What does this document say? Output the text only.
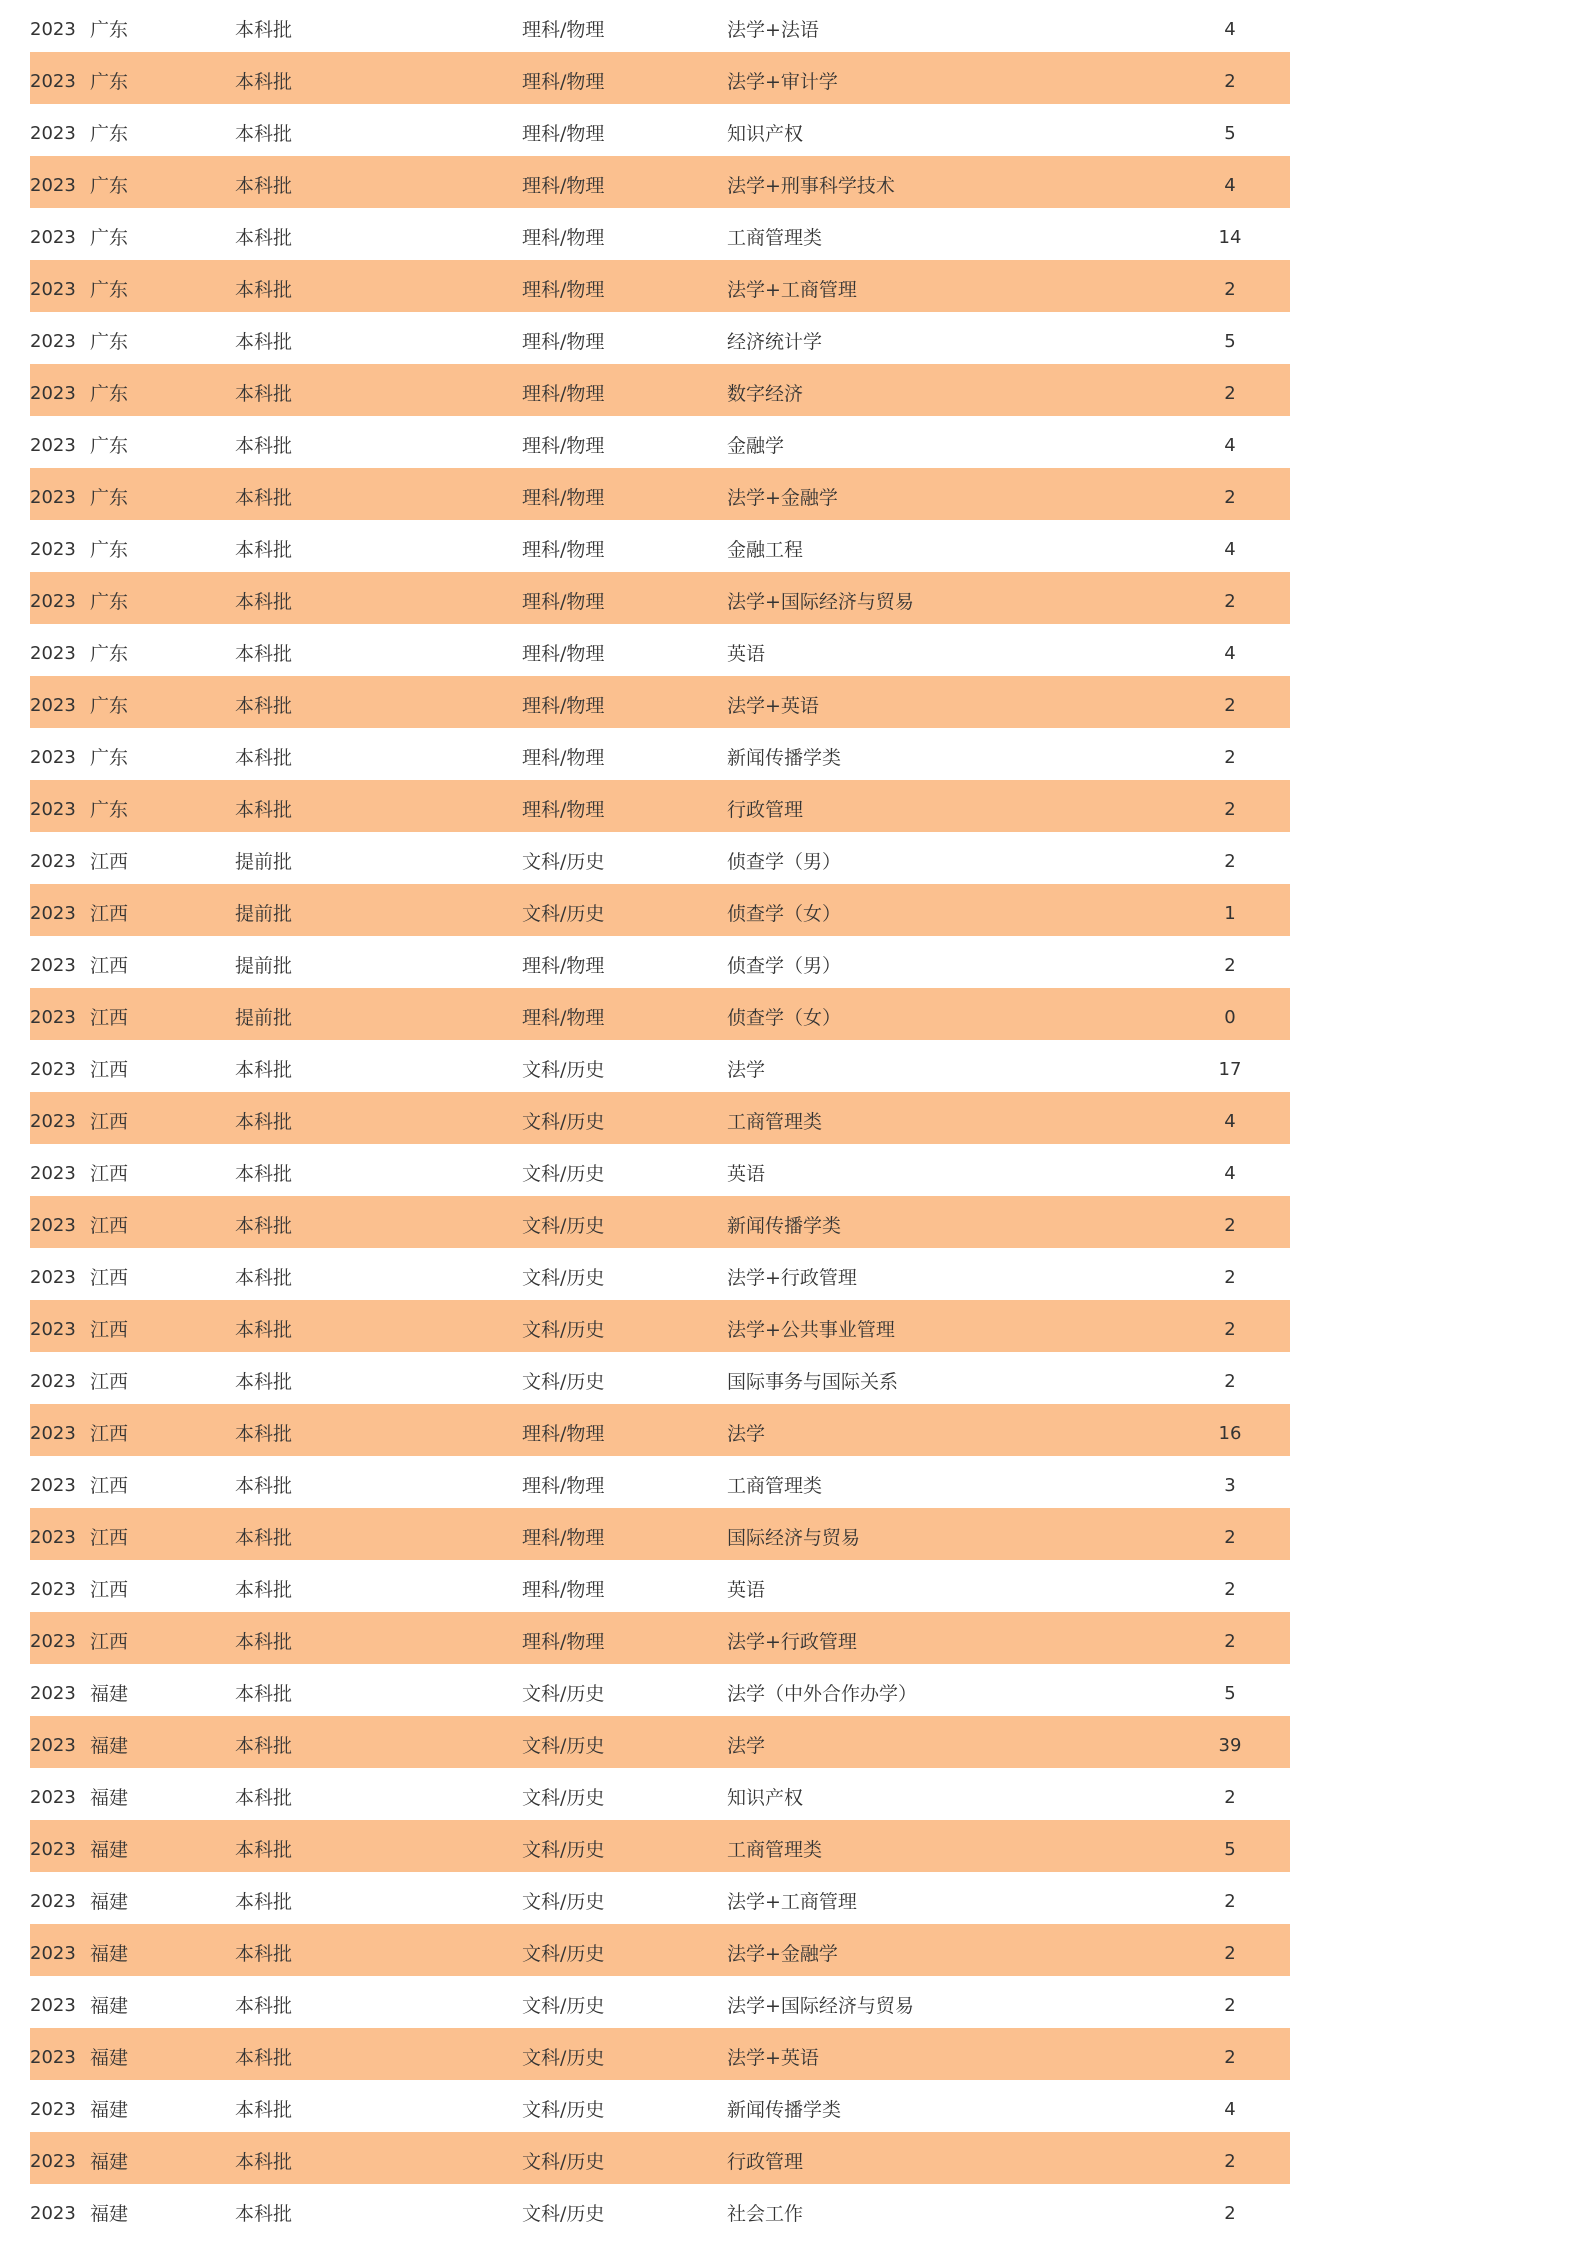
2023 广东	本科批	理科/物理	法学+法语	4
2023 广东	本科批	理科/物理	法学+审计学	2
2023 广东	本科批	理科/物理	知识产权	5
2023 广东	本科批	理科/物理	法学+刑事科学技术	4
2023 广东	本科批	理科/物理	工商管理类	14
2023 广东	本科批	理科/物理	法学+工商管理	2
2023 广东	本科批	理科/物理	经济统计学	5
2023 广东	本科批	理科/物理	数字经济	2
2023 广东	本科批	理科/物理	金融学	4
2023 广东	本科批	理科/物理	法学+金融学	2
2023 广东	本科批	理科/物理	金融工程	4
2023 广东	本科批	理科/物理	法学+国际经济与贸易	2
2023 广东	本科批	理科/物理	英语	4
2023 广东	本科批	理科/物理	法学+英语	2
2023 广东	本科批	理科/物理	新闻传播学类	2
2023 广东	本科批	理科/物理	行政管理	2
2023 江西	提前批	文科/历史	侦查学（男）	2
2023 江西	提前批	文科/历史	侦查学（女）	1
2023 江西	提前批	理科/物理	侦查学（男）	2
2023 江西	提前批	理科/物理	侦查学（女）	0
2023 江西	本科批	文科/历史	法学	17
2023 江西	本科批	文科/历史	工商管理类	4
2023 江西	本科批	文科/历史	英语	4
2023 江西	本科批	文科/历史	新闻传播学类	2
2023 江西	本科批	文科/历史	法学+行政管理	2
2023 江西	本科批	文科/历史	法学+公共事业管理	2
2023 江西	本科批	文科/历史	国际事务与国际关系	2
2023 江西	本科批	理科/物理	法学	16
2023 江西	本科批	理科/物理	工商管理类	3
2023 江西	本科批	理科/物理	国际经济与贸易	2
2023 江西	本科批	理科/物理	英语	2
2023 江西	本科批	理科/物理	法学+行政管理	2
2023 福建	本科批	文科/历史	法学（中外合作办学）	5
2023 福建	本科批	文科/历史	法学	39
2023 福建	本科批	文科/历史	知识产权	2
2023 福建	本科批	文科/历史	工商管理类	5
2023 福建	本科批	文科/历史	法学+工商管理	2
2023 福建	本科批	文科/历史	法学+金融学	2
2023 福建	本科批	文科/历史	法学+国际经济与贸易	2
2023 福建	本科批	文科/历史	法学+英语	2
2023 福建	本科批	文科/历史	新闻传播学类	4
2023 福建	本科批	文科/历史	行政管理	2
2023 福建	本科批	文科/历史	社会工作	2
